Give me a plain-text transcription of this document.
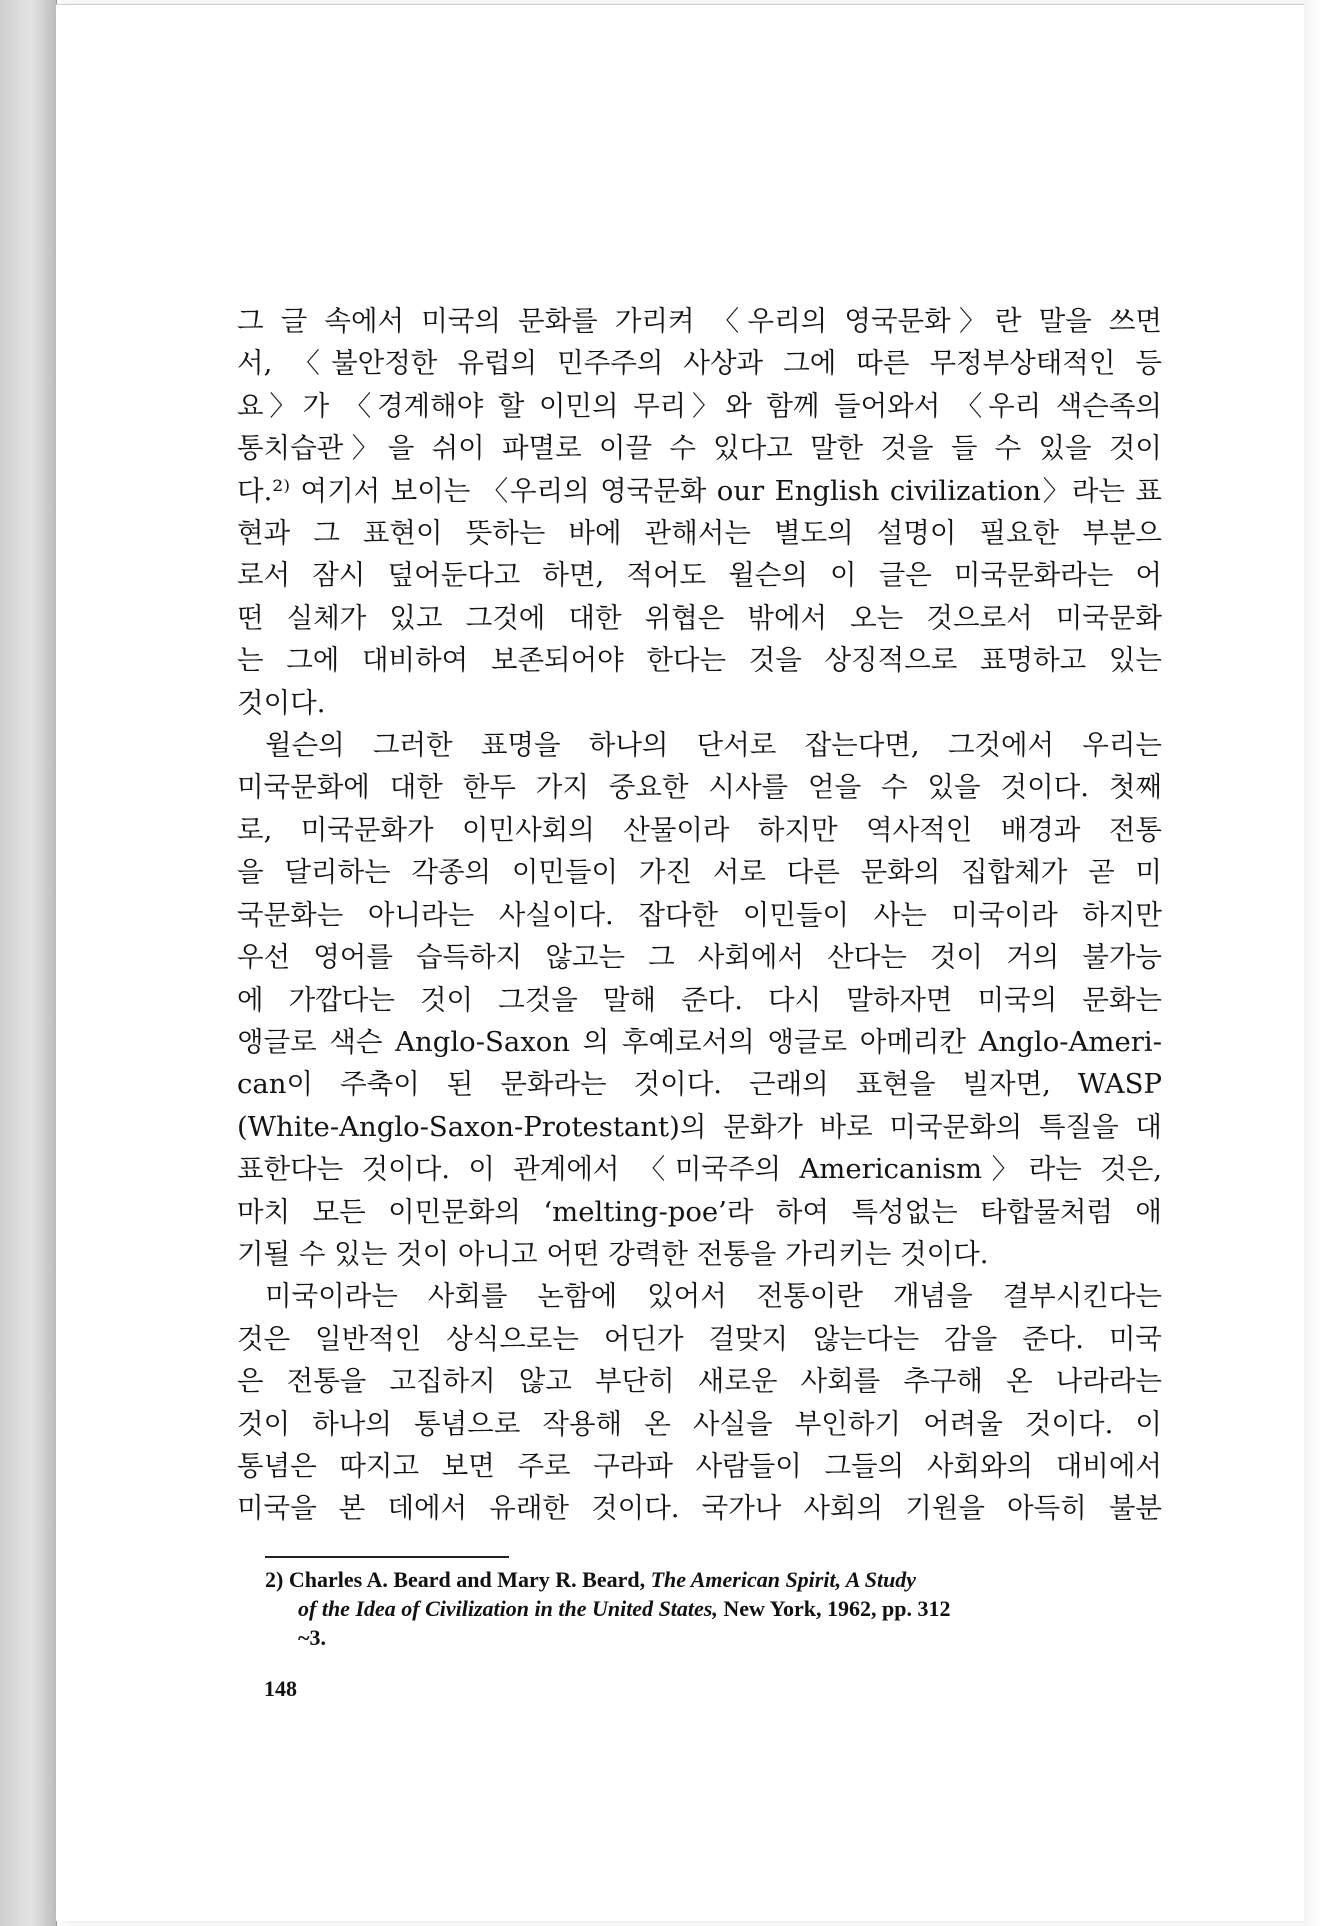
그 글 속에서 미국의 문화를 가리켜 〈우리의 영국문화〉란 말을 쓰면
서, 〈불안정한 유럽의 민주주의 사상과 그에 따른 무정부상태적인 등
요〉가 〈경계해야 할 이민의 무리〉와 함께 들어와서 〈우리 색슨족의
통치습관〉을 쉬이 파멸로 이끌 수 있다고 말한 것을 들 수 있을 것이
다.²⁾ 여기서 보이는 〈우리의 영국문화 our English civilization〉라는 표
현과 그 표현이 뜻하는 바에 관해서는 별도의 설명이 필요한 부분으
로서 잠시 덮어둔다고 하면, 적어도 윌슨의 이 글은 미국문화라는 어
떤 실체가 있고 그것에 대한 위협은 밖에서 오는 것으로서 미국문화
는 그에 대비하여 보존되어야 한다는 것을 상징적으로 표명하고 있는
것이다.
윌슨의 그러한 표명을 하나의 단서로 잡는다면, 그것에서 우리는
미국문화에 대한 한두 가지 중요한 시사를 얻을 수 있을 것이다. 첫째
로, 미국문화가 이민사회의 산물이라 하지만 역사적인 배경과 전통
을 달리하는 각종의 이민들이 가진 서로 다른 문화의 집합체가 곧 미
국문화는 아니라는 사실이다. 잡다한 이민들이 사는 미국이라 하지만
우선 영어를 습득하지 않고는 그 사회에서 산다는 것이 거의 불가능
에 가깝다는 것이 그것을 말해 준다. 다시 말하자면 미국의 문화는
앵글로 색슨 Anglo-Saxon 의 후예로서의 앵글로 아메리칸 Anglo-Ameri-
can이 주축이 된 문화라는 것이다. 근래의 표현을 빌자면, WASP
(White-Anglo-Saxon-Protestant)의 문화가 바로 미국문화의 특질을 대
표한다는 것이다. 이 관계에서 〈미국주의 Americanism〉라는 것은,
마치 모든 이민문화의 ‘melting-poe’라 하여 특성없는 타합물처럼 애
기될 수 있는 것이 아니고 어떤 강력한 전통을 가리키는 것이다.
미국이라는 사회를 논함에 있어서 전통이란 개념을 결부시킨다는
것은 일반적인 상식으로는 어딘가 걸맞지 않는다는 감을 준다. 미국
은 전통을 고집하지 않고 부단히 새로운 사회를 추구해 온 나라라는
것이 하나의 통념으로 작용해 온 사실을 부인하기 어려울 것이다. 이
통념은 따지고 보면 주로 구라파 사람들이 그들의 사회와의 대비에서
미국을 본 데에서 유래한 것이다. 국가나 사회의 기원을 아득히 불분
2) Charles A. Beard and Mary R. Beard, The American Spirit, A Study
of the Idea of Civilization in the United States, New York, 1962, pp. 312
~3.
148
